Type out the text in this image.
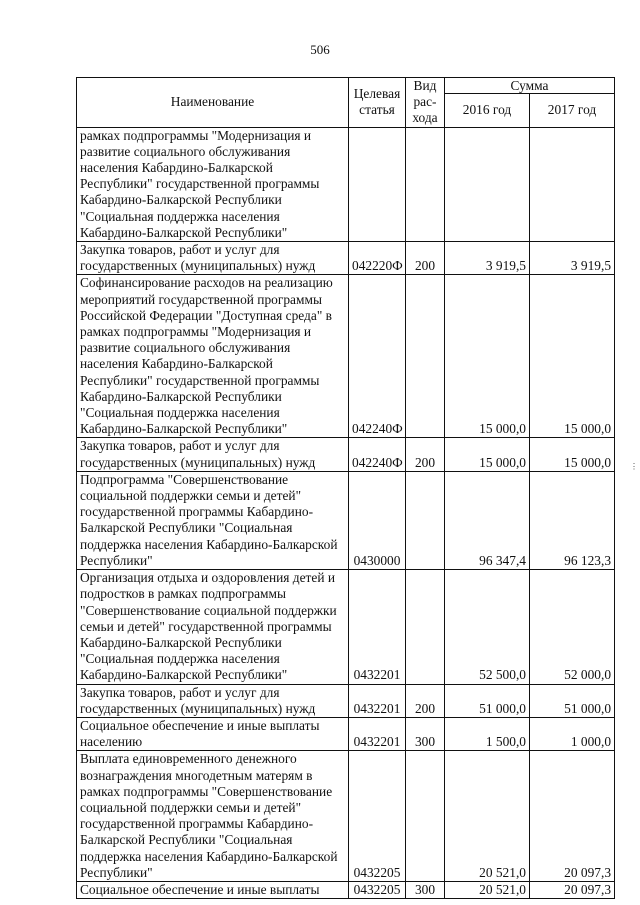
506
Наименование	Целевая статья	Вид рас-хода	Сумма	
			2016 год	2017 год
рамках подпрограммы "Модернизация и развитие социального обслуживания населения Кабардино-Балкарской Республики" государственной программы Кабардино-Балкарской Республики "Социальная поддержка населения Кабардино-Балкарской Республики"				
Закупка товаров, работ и услуг для государственных (муниципальных) нужд	042220Ф	200	3 919,5	3 919,5
Софинансирование расходов на реализацию мероприятий государственной программы Российской Федерации "Доступная среда" в рамках подпрограммы "Модернизация и развитие социального обслуживания населения Кабардино-Балкарской Республики" государственной программы Кабардино-Балкарской Республики "Социальная поддержка населения Кабардино-Балкарской Республики"	042240Ф		15 000,0	15 000,0
Закупка товаров, работ и услуг для государственных (муниципальных) нужд	042240Ф	200	15 000,0	15 000,0
Подпрограмма "Совершенствование социальной поддержки семьи и детей" государственной программы Кабардино-Балкарской Республики "Социальная поддержка населения Кабардино-Балкарской Республики"	0430000		96 347,4	96 123,3
Организация отдыха и оздоровления детей и подростков в рамках подпрограммы "Совершенствование социальной поддержки семьи и детей" государственной программы Кабардино-Балкарской Республики "Социальная поддержка населения Кабардино-Балкарской Республики"	0432201		52 500,0	52 000,0
Закупка товаров, работ и услуг для государственных (муниципальных) нужд	0432201	200	51 000,0	51 000,0
Социальное обеспечение и иные выплаты населению	0432201	300	1 500,0	1 000,0
Выплата единовременного денежного вознаграждения многодетным матерям в рамках подпрограммы "Совершенствование социальной поддержки семьи и детей" государственной программы Кабардино-Балкарской Республики "Социальная поддержка населения Кабардино-Балкарской Республики"	0432205		20 521,0	20 097,3
Социальное обеспечение и иные выплаты	0432205	300	20 521,0	20 097,3
⋮
